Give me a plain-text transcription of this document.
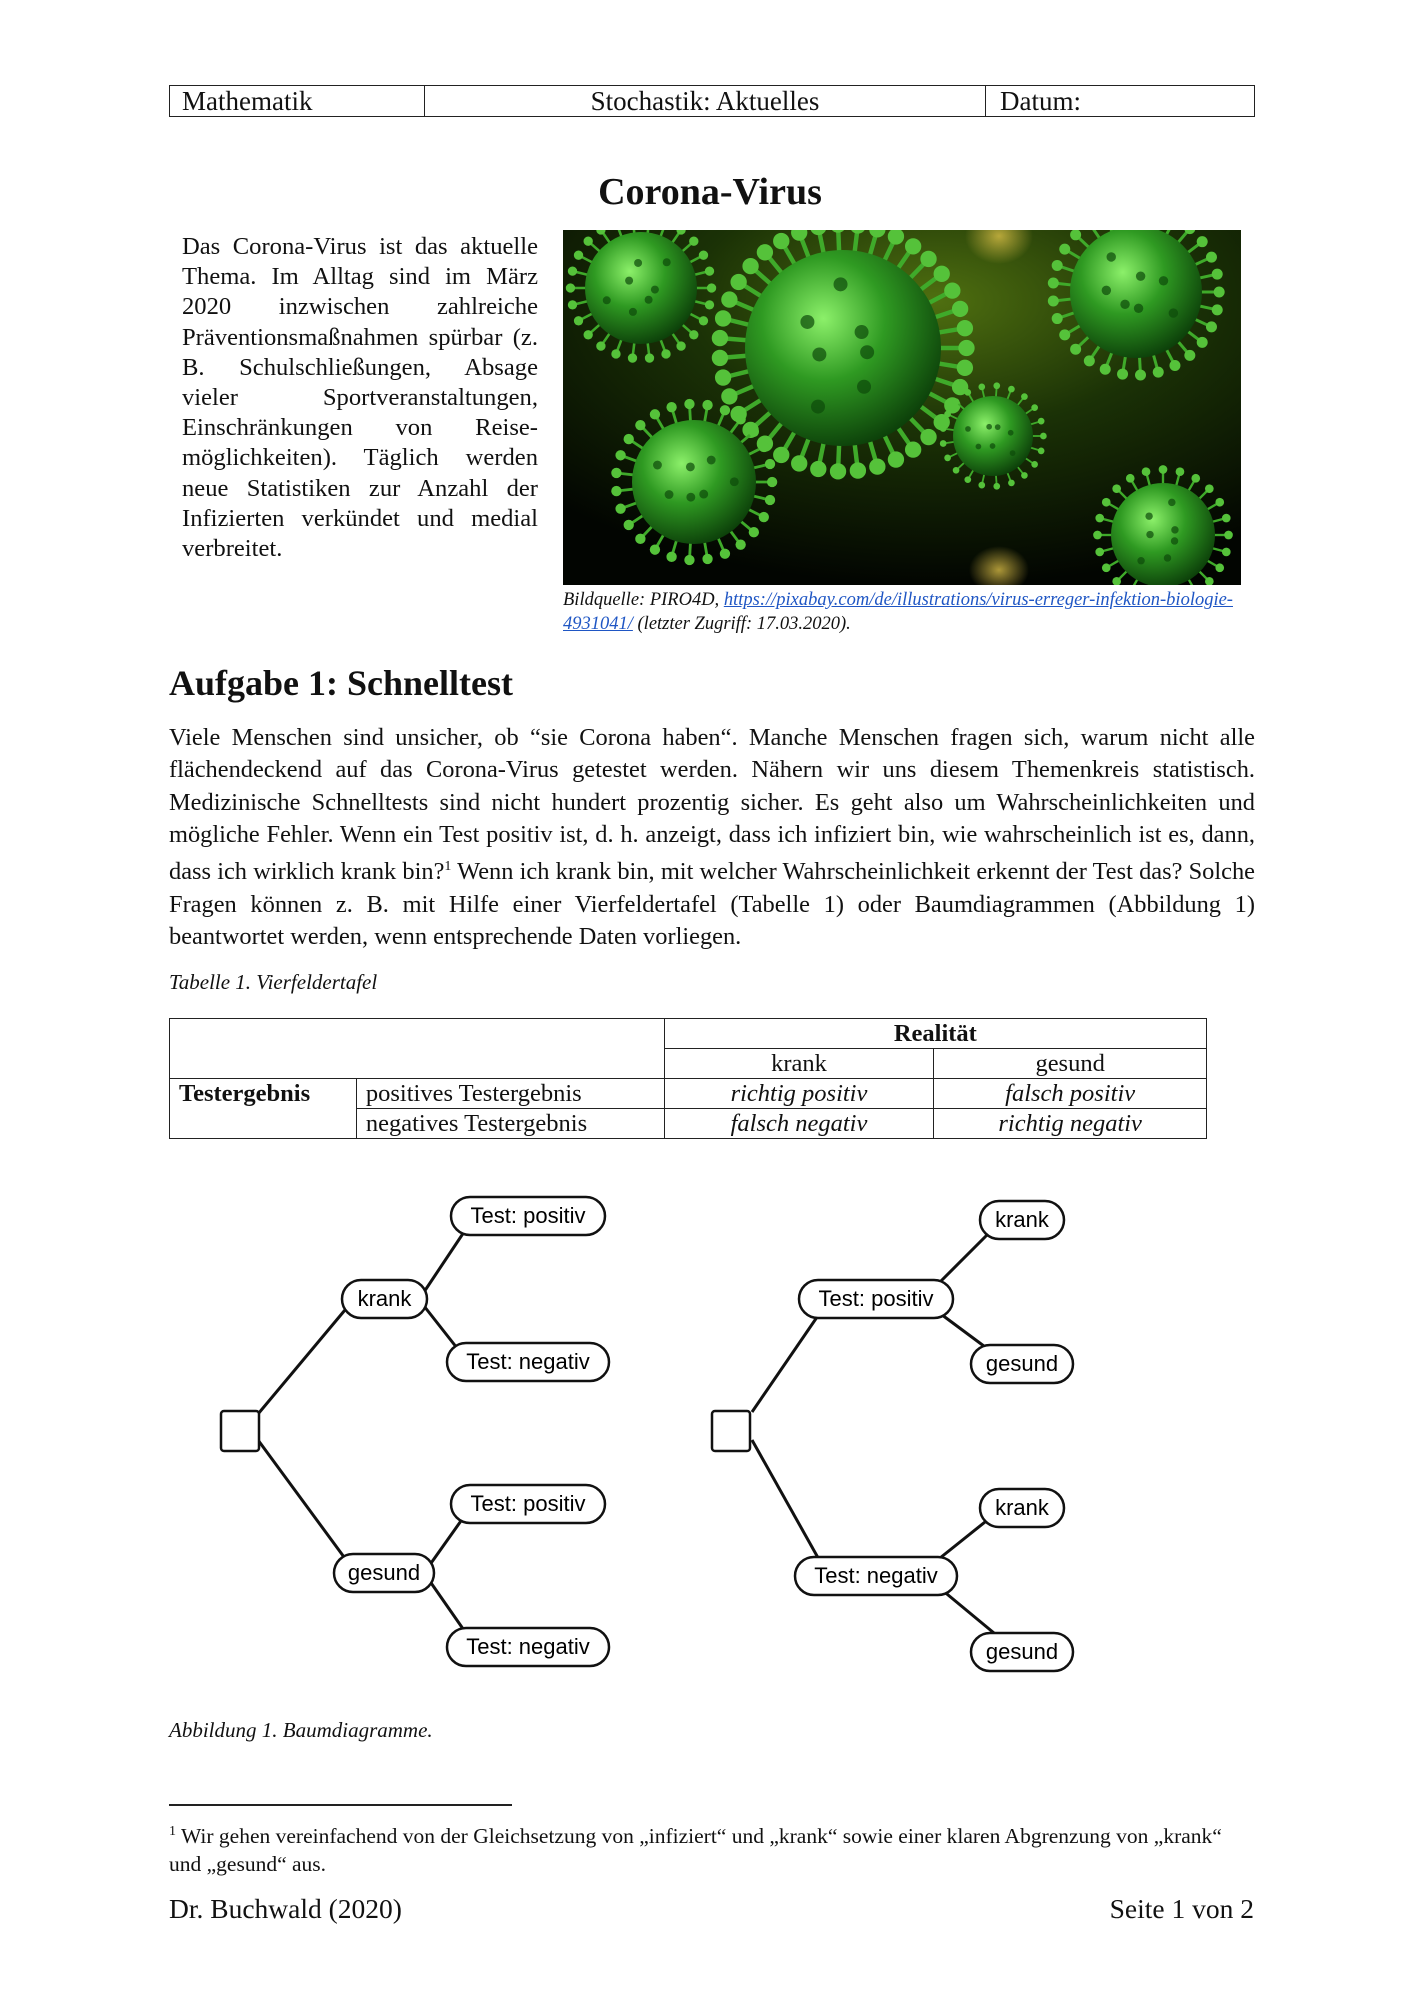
Mathematik	Stochastik: Aktuelles	Datum:
Corona-Virus
Das Corona-Virus ist das aktuelle Thema. Im Alltag sind im März 2020 inzwischen zahlreiche Präventionsmaßnahmen spürbar (z. B. Schulschließungen, Absage vieler Sportveranstaltungen, Einschränkungen von Reise-möglichkeiten). Täglich werden neue Statistiken zur Anzahl der Infizierten verkündet und medial verbreitet.
Bildquelle: PIRO4D, https://pixabay.com/de/illustrations/virus-erreger-infektion-biologie-4931041/ (letzter Zugriff: 17.03.2020).
Aufgabe 1: Schnelltest
Viele Menschen sind unsicher, ob “sie Corona haben“. Manche Menschen fragen sich, warum nicht alle flächendeckend auf das Corona-Virus getestet werden. Nähern wir uns diesem Themenkreis statistisch. Medizinische Schnelltests sind nicht hundert prozentig sicher. Es geht also um Wahrscheinlichkeiten und mögliche Fehler. Wenn ein Test positiv ist, d. h. anzeigt, dass ich infiziert bin, wie wahrscheinlich ist es, dann, dass ich wirklich krank bin?$^1$ Wenn ich krank bin, mit welcher Wahrscheinlichkeit erkennt der Test das? Solche Fragen können z. B. mit Hilfe einer Vierfeldertafel (Tabelle 1) oder Baumdiagrammen (Abbildung 1) beantwortet werden, wenn entsprechende Daten vorliegen.
Tabelle 1. Vierfeldertafel
		Realität	
		krank	gesund
Testergebnis	positives Testergebnis	richtig positiv	falsch positiv
	negatives Testergebnis	falsch negativ	richtig negativ
krank
Test: positiv
Test: negativ
gesund
Test: positiv
Test: negativ
Test: positiv
krank
gesund
Test: negativ
krank
gesund
Abbildung 1. Baumdiagramme.
$^1$ Wir gehen vereinfachend von der Gleichsetzung von „infiziert“ und „krank“ sowie einer klaren Abgrenzung von „krank“ und „gesund“ aus.
Dr. Buchwald (2020)	Seite 1 von 2
